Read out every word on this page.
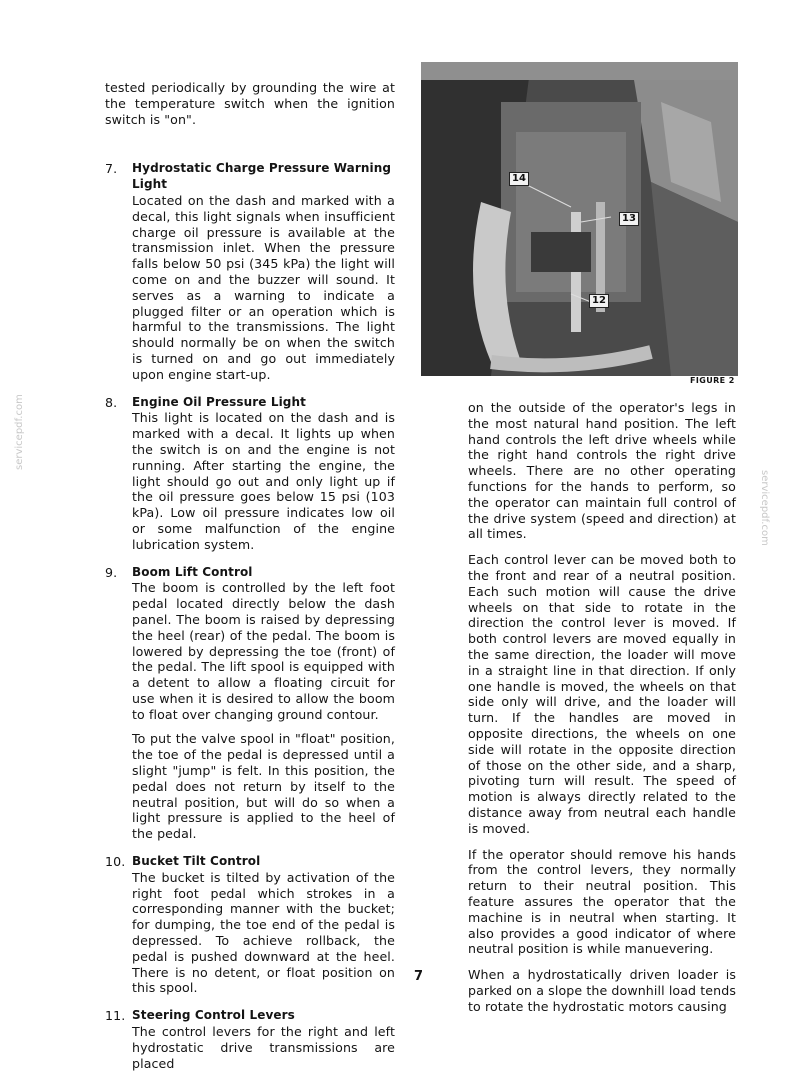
servicepdf.com
servicepdf.com

tested periodically by grounding the wire at the temperature switch when the ignition switch is "on".

7.	Hydrostatic Charge Pressure Warning Light

Located on the dash and marked with a decal, this light signals when insufficient charge oil pressure is available at the transmission inlet. When the pressure falls below 50 psi (345 kPa) the light will come on and the buzzer will sound. It serves as a warning to indicate a plugged filter or an operation which is harmful to the transmissions. The light should normally be on when the switch is turned on and go out immediately upon engine start-up.

8.	Engine Oil Pressure Light

This light is located on the dash and is marked with a decal. It lights up when the switch is on and the engine is not running. After starting the engine, the light should go out and only light up if the oil pressure goes below 15 psi (103 kPa). Low oil pressure indicates low oil or some malfunction of the engine lubrication system.

9.	Boom Lift Control

The boom is controlled by the left foot pedal located directly below the dash panel. The boom is raised by depressing the heel (rear) of the pedal. The boom is lowered by depressing the toe (front) of the pedal. The lift spool is equipped with a detent to allow a floating circuit for use when it is desired to allow the boom to float over changing ground contour.

To put the valve spool in "float" position, the toe of the pedal is depressed until a slight "jump" is felt. In this position, the pedal does not return by itself to the neutral position, but will do so when a light pressure is applied to the heel of the pedal.

10. Bucket Tilt Control

The bucket is tilted by activation of the right foot pedal which strokes in a corresponding manner with the bucket; for dumping, the toe end of the pedal is depressed. To achieve rollback, the pedal is pushed downward at the heel. There is no detent, or float position on this spool.

11. Steering Control Levers

The control levers for the right and left hydrostatic drive transmissions are placed

14
13
12
FIGURE 2

on the outside of the operator's legs in the most natural hand position. The left hand controls the left drive wheels while the right hand controls the right drive wheels. There are no other operating functions for the hands to perform, so the operator can maintain full control of the drive system (speed and direction) at all times.

Each control lever can be moved both to the front and rear of a neutral position. Each such motion will cause the drive wheels on that side to rotate in the direction the control lever is moved. If both control levers are moved equally in the same direction, the loader will move in a straight line in that direction. If only one handle is moved, the wheels on that side only will drive, and the loader will turn. If the handles are moved in opposite directions, the wheels on one side will rotate in the opposite direction of those on the other side, and a sharp, pivoting turn will result. The speed of motion is always directly related to the distance away from neutral each handle is moved.

If the operator should remove his hands from the control levers, they normally return to their neutral position. This feature assures the operator that the machine is in neutral when starting. It also provides a good indicator of where neutral position is while manuevering.

When a hydrostatically driven loader is parked on a slope the downhill load tends to rotate the hydrostatic motors causing

7
